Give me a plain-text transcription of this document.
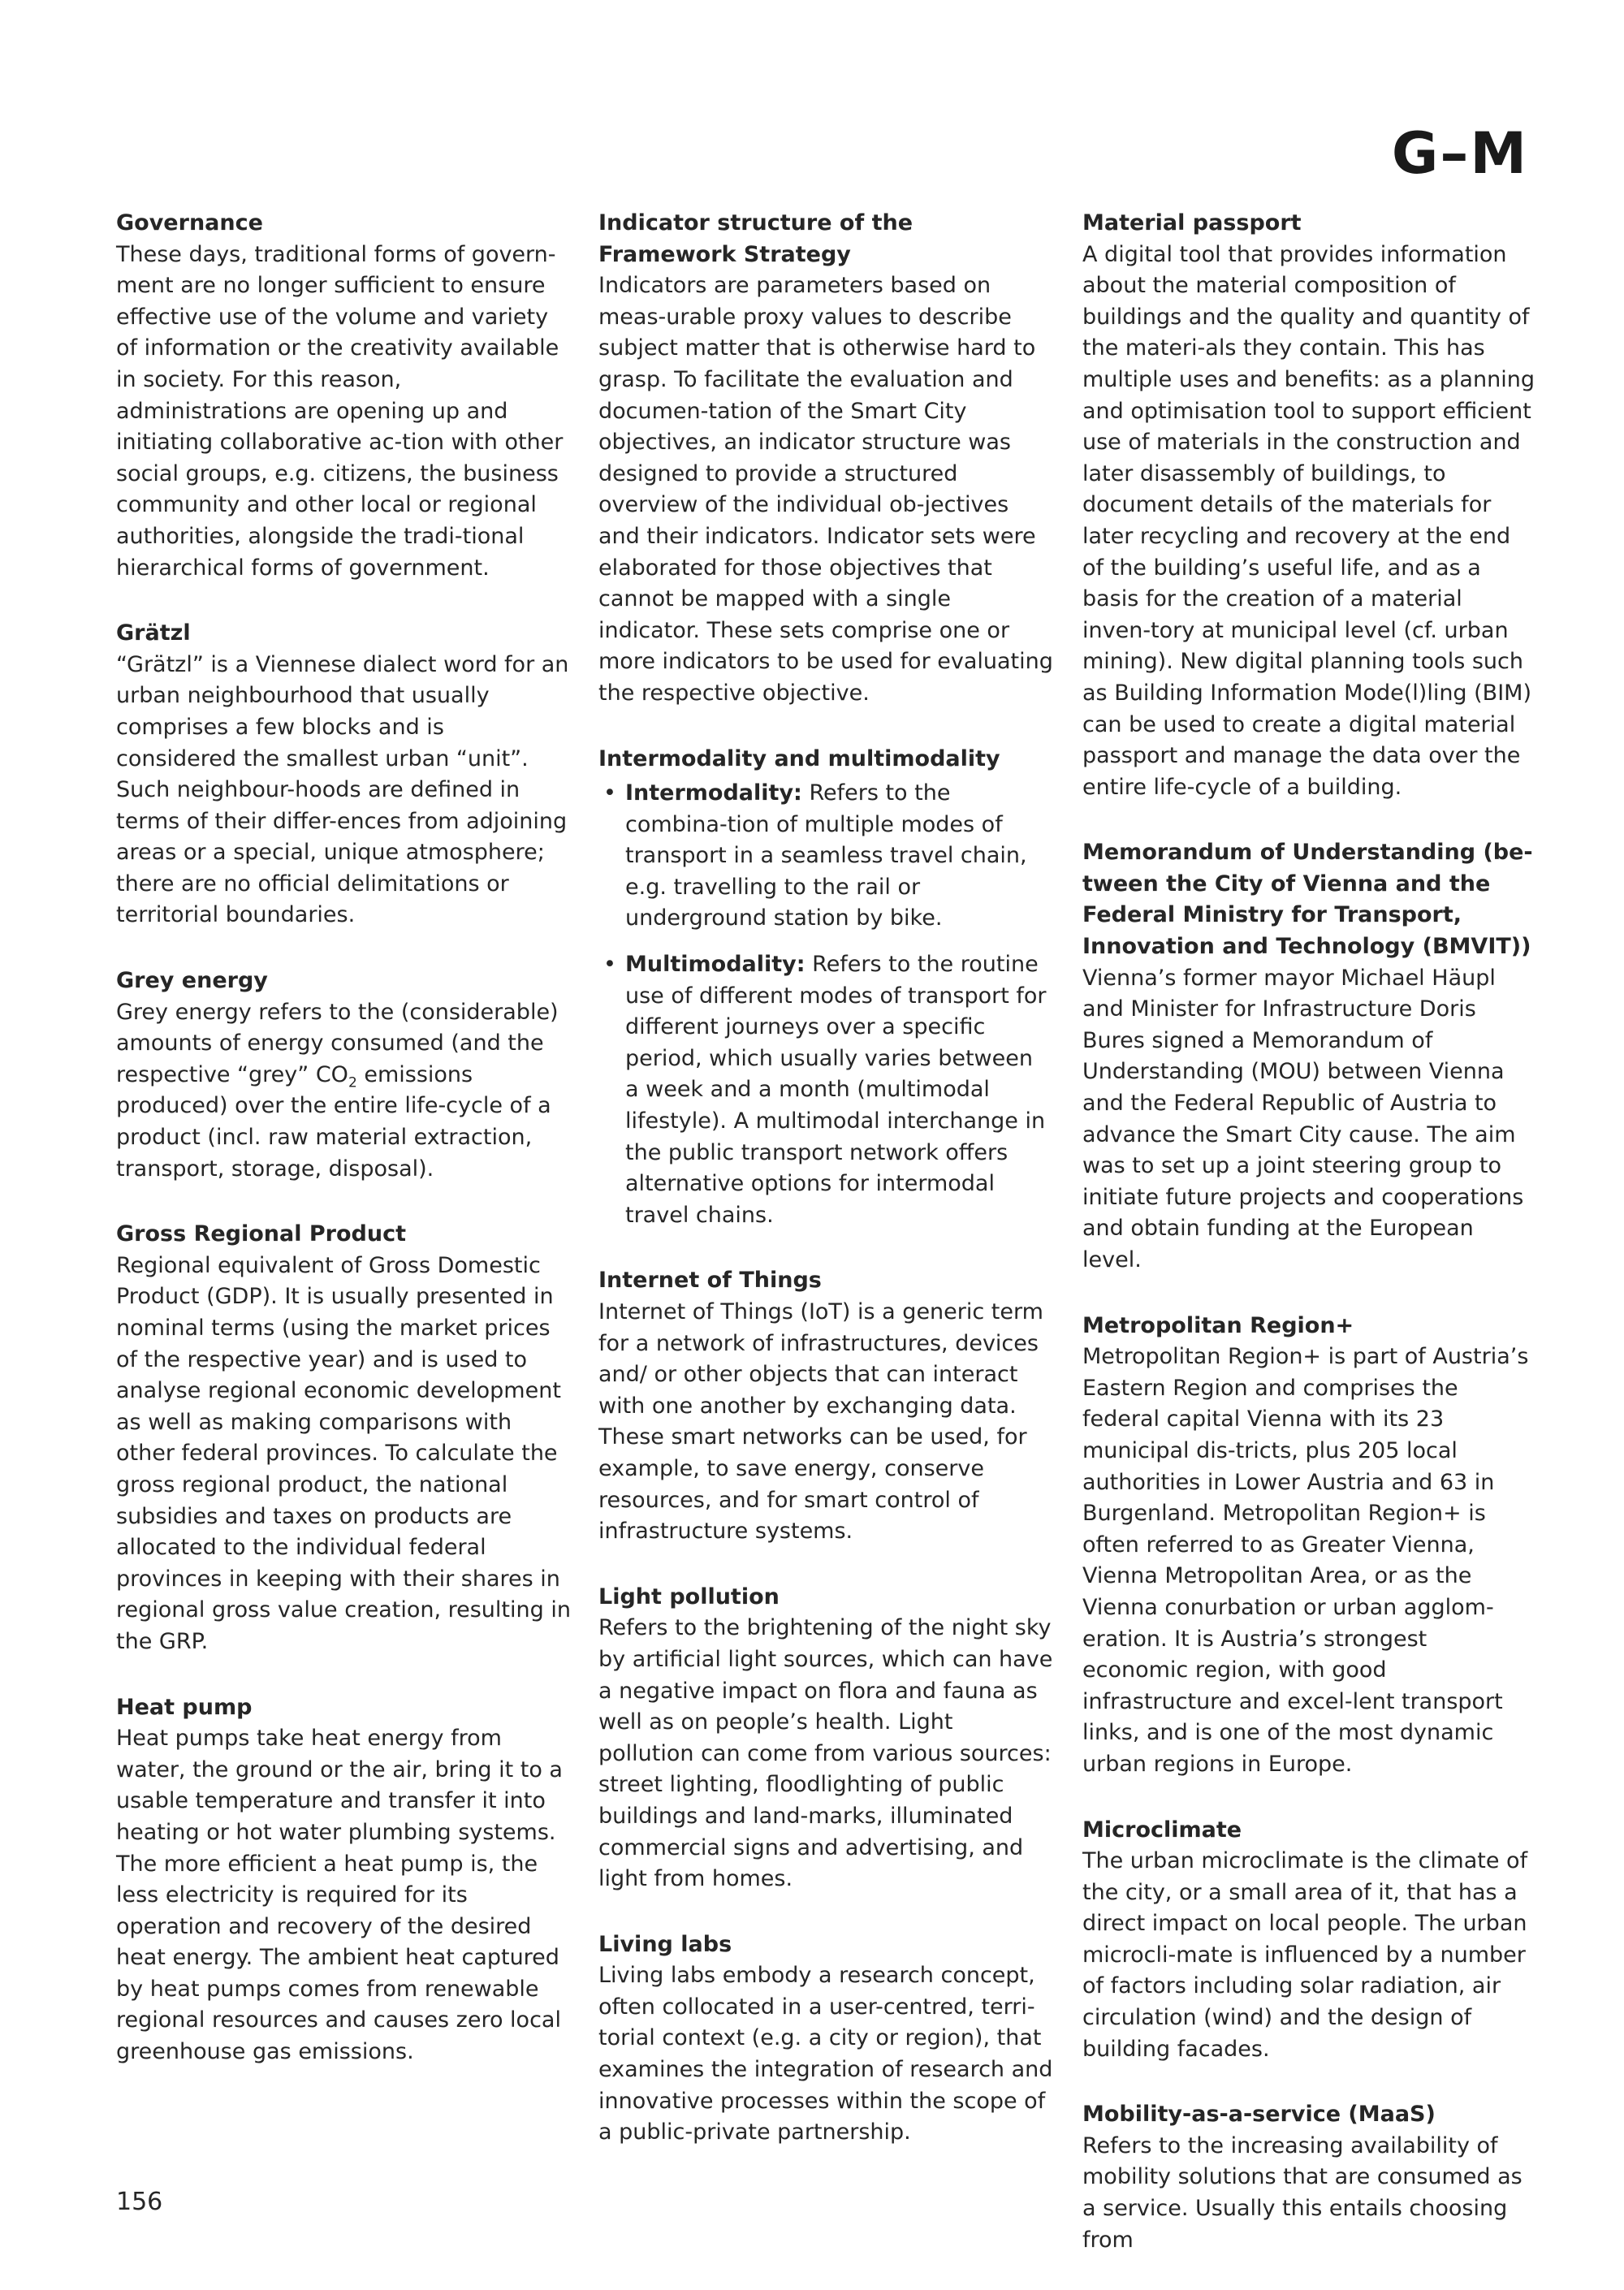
G–M

Governance

These days, traditional forms of govern-ment are no longer sufficient to ensure effective use of the volume and variety of information or the creativity available in society. For this reason, administrations are opening up and initiating collaborative ac-tion with other social groups, e.g. citizens, the business community and other local or regional authorities, alongside the tradi-tional hierarchical forms of government.

Grätzl

“Grätzl” is a Viennese dialect word for an urban neighbourhood that usually comprises a few blocks and is considered the smallest urban “unit”. Such neighbour-hoods are defined in terms of their differ-ences from adjoining areas or a special, unique atmosphere; there are no official delimitations or territorial boundaries.

Grey energy

Grey energy refers to the (considerable) amounts of energy consumed (and the respective “grey” $CO_2$ emissions produced) over the entire life-cycle of a product (incl. raw material extraction, transport, storage, disposal).

Gross Regional Product

Regional equivalent of Gross Domestic Product (GDP). It is usually presented in nominal terms (using the market prices of the respective year) and is used to analyse regional economic development as well as making comparisons with other federal provinces. To calculate the gross regional product, the national subsidies and taxes on products are allocated to the individual federal provinces in keeping with their shares in regional gross value creation, resulting in the GRP.

Heat pump

Heat pumps take heat energy from water, the ground or the air, bring it to a usable temperature and transfer it into heating or hot water plumbing systems. The more efficient a heat pump is, the less electricity is required for its operation and recovery of the desired heat energy. The ambient heat captured by heat pumps comes from renewable regional resources and causes zero local greenhouse gas emissions.

Indicator structure of the Framework Strategy

Indicators are parameters based on meas-urable proxy values to describe subject matter that is otherwise hard to grasp. To facilitate the evaluation and documen-tation of the Smart City objectives, an indicator structure was designed to provide a structured overview of the individual ob-jectives and their indicators. Indicator sets were elaborated for those objectives that cannot be mapped with a single indicator. These sets comprise one or more indicators to be used for evaluating the respective objective.

Intermodality and multimodality

• Intermodality: Refers to the combina-tion of multiple modes of transport in a seamless travel chain, e.g. travelling to the rail or underground station by bike.
• Multimodality: Refers to the routine use of different modes of transport for different journeys over a specific period, which usually varies between a week and a month (multimodal lifestyle). A multimodal interchange in the public transport network offers alternative options for intermodal travel chains.

Internet of Things

Internet of Things (IoT) is a generic term for a network of infrastructures, devices and/ or other objects that can interact with one another by exchanging data. These smart networks can be used, for example, to save energy, conserve resources, and for smart control of infrastructure systems.

Light pollution

Refers to the brightening of the night sky by artificial light sources, which can have a negative impact on flora and fauna as well as on people’s health. Light pollution can come from various sources: street lighting, floodlighting of public buildings and land-marks, illuminated commercial signs and advertising, and light from homes.

Living labs

Living labs embody a research concept, often collocated in a user-centred, terri-torial context (e.g. a city or region), that examines the integration of research and innovative processes within the scope of a public-private partnership.

Material passport

A digital tool that provides information about the material composition of buildings and the quality and quantity of the materi-als they contain. This has multiple uses and benefits: as a planning and optimisation tool to support efficient use of materials in the construction and later disassembly of buildings, to document details of the materials for later recycling and recovery at the end of the building’s useful life, and as a basis for the creation of a material inven-tory at municipal level (cf. urban mining). New digital planning tools such as Building Information Mode(l)ling (BIM) can be used to create a digital material passport and manage the data over the entire life-cycle of a building.

Memorandum of Understanding (be-tween the City of Vienna and the Federal Ministry for Transport, Innovation and Technology (BMVIT))

Vienna’s former mayor Michael Häupl and Minister for Infrastructure Doris Bures signed a Memorandum of Understanding (MOU) between Vienna and the Federal Republic of Austria to advance the Smart City cause. The aim was to set up a joint steering group to initiate future projects and cooperations and obtain funding at the European level.

Metropolitan Region+

Metropolitan Region+ is part of Austria’s Eastern Region and comprises the federal capital Vienna with its 23 municipal dis-tricts, plus 205 local authorities in Lower Austria and 63 in Burgenland. Metropolitan Region+ is often referred to as Greater Vienna, Vienna Metropolitan Area, or as the Vienna conurbation or urban agglom-eration. It is Austria’s strongest economic region, with good infrastructure and excel-lent transport links, and is one of the most dynamic urban regions in Europe.

Microclimate

The urban microclimate is the climate of the city, or a small area of it, that has a direct impact on local people. The urban microcli-mate is influenced by a number of factors including solar radiation, air circulation (wind) and the design of building facades.

Mobility-as-a-service (MaaS)

Refers to the increasing availability of mobility solutions that are consumed as a service. Usually this entails choosing from

156
